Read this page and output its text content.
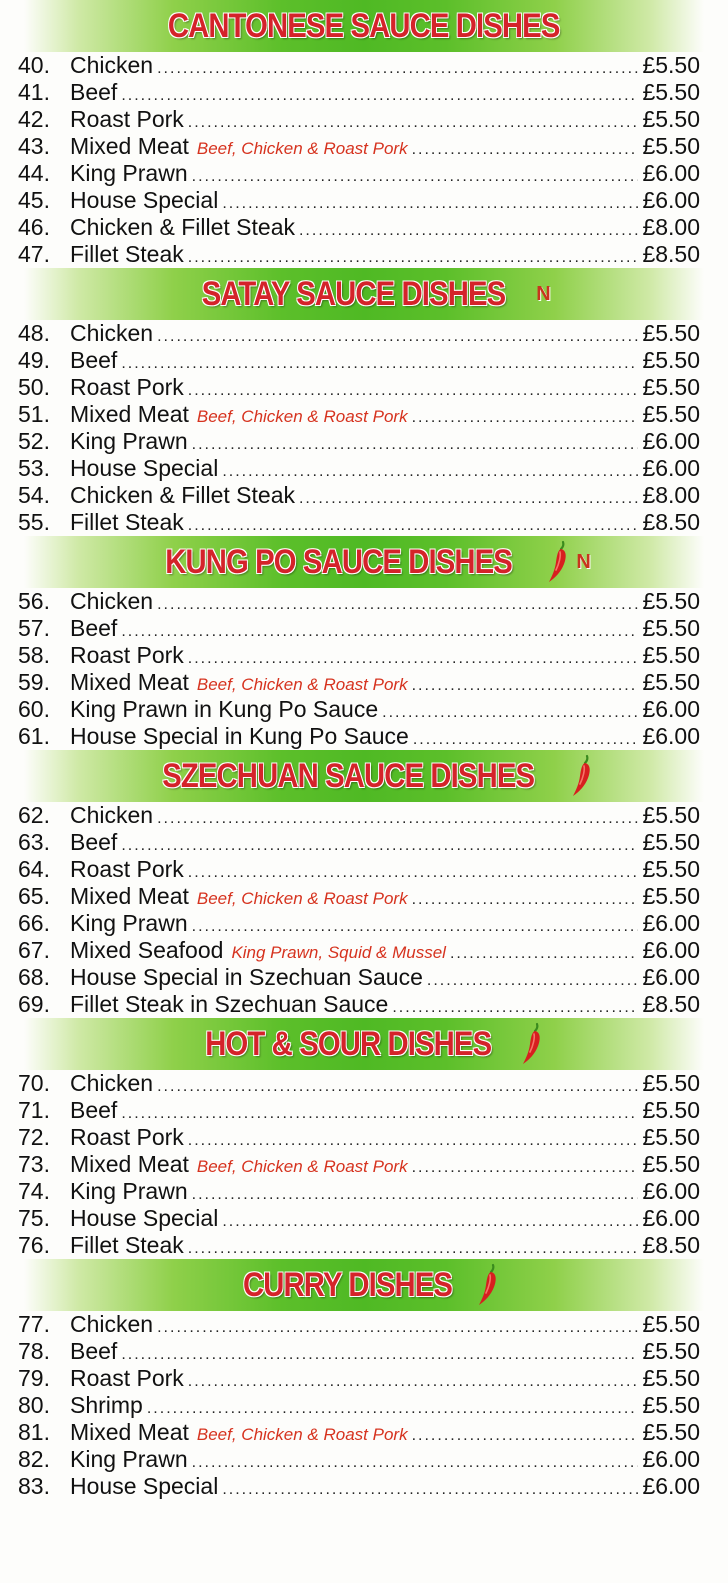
CANTONESE SAUCE DISHES
40. Chicken .....	£5.50
41. Beef .....	£5.50
42. Roast Pork .....	£5.50
43. Mixed Meat Beef, Chicken & Roast Pork .....	£5.50
44. King Prawn .....	£6.00
45. House Special .....	£6.00
46. Chicken & Fillet Steak .....	£8.00
47. Fillet Steak .....	£8.50
SATAY SAUCE DISHES N
48. Chicken .....	£5.50
49. Beef .....	£5.50
50. Roast Pork .....	£5.50
51. Mixed Meat Beef, Chicken & Roast Pork .....	£5.50
52. King Prawn .....	£6.00
53. House Special .....	£6.00
54. Chicken & Fillet Steak .....	£8.00
55. Fillet Steak .....	£8.50
KUNG PO SAUCE DISHES	N
56. Chicken .....	£5.50
57. Beef .....	£5.50
58. Roast Pork .....	£5.50
59. Mixed Meat Beef, Chicken & Roast Pork .....	£5.50
60. King Prawn in Kung Po Sauce .....	£6.00
61. House Special in Kung Po Sauce .....	£6.00
SZECHUAN SAUCE DISHES
62. Chicken .....	£5.50
63. Beef .....	£5.50
64. Roast Pork .....	£5.50
65. Mixed Meat Beef, Chicken & Roast Pork .....	£5.50
66. King Prawn .....	£6.00
67. Mixed Seafood King Prawn, Squid & Mussel .....	£6.00
68. House Special in Szechuan Sauce .....	£6.00
69. Fillet Steak in Szechuan Sauce .....	£8.50
HOT & SOUR DISHES
70. Chicken .....	£5.50
71. Beef .....	£5.50
72. Roast Pork .....	£5.50
73. Mixed Meat Beef, Chicken & Roast Pork .....	£5.50
74. King Prawn .....	£6.00
75. House Special .....	£6.00
76. Fillet Steak .....	£8.50
CURRY DISHES
77. Chicken .....	£5.50
78. Beef .....	£5.50
79. Roast Pork .....	£5.50
80. Shrimp .....	£5.50
81. Mixed Meat Beef, Chicken & Roast Pork .....	£5.50
82. King Prawn .....	£6.00
83. House Special .....	£6.00
